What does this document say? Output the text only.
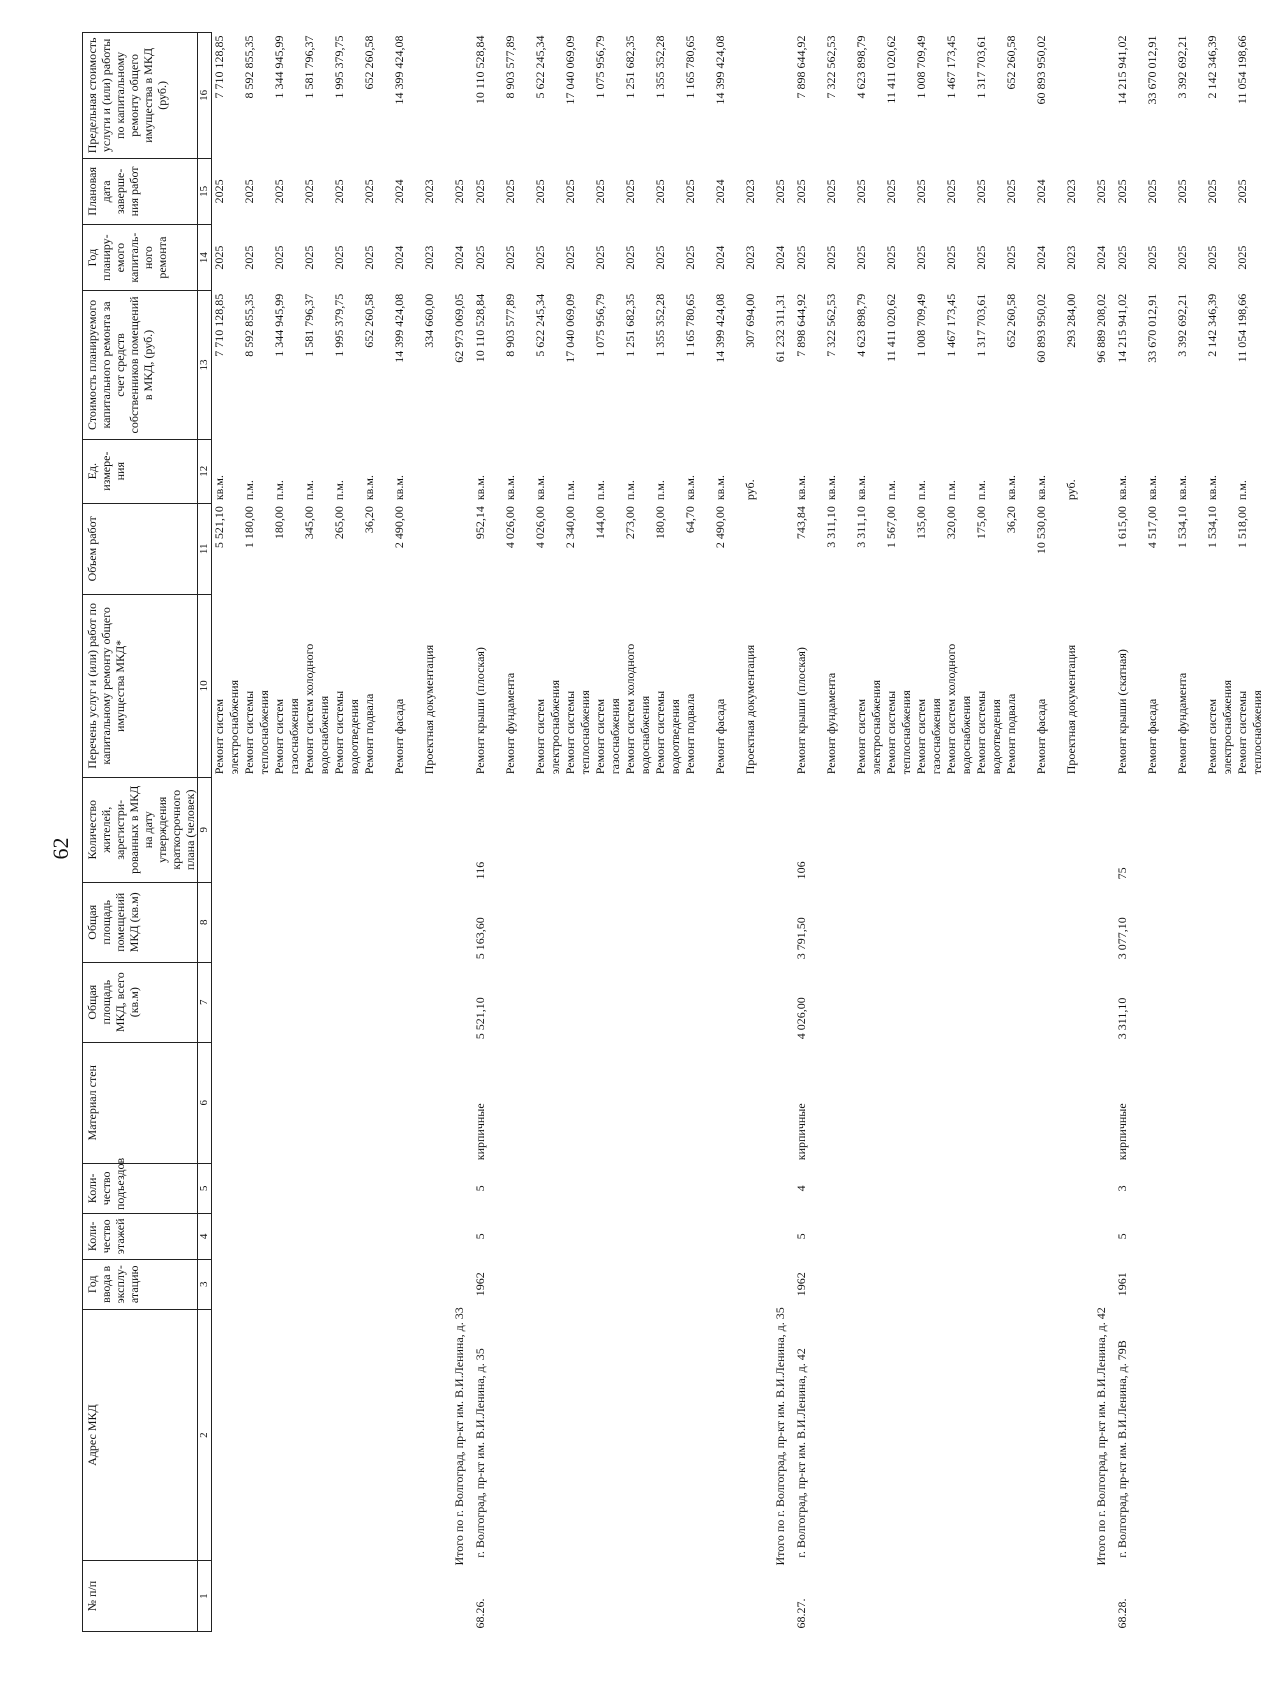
62
№ п/п	Адрес МКД	Год ввода в эксплу-атацию	Коли-чество этажей	Коли-чество подъездов	Материал стен	Общая площадь МКД, всего (кв.м)	Общая площадь помещений МКД (кв.м)	Количество жителей, зарегистри-рованных в МКД на дату утверждения краткосрочного плана (человек)	Перечень услуг и (или) работ по капитальному ремонту общего имущества МКД*	Объем работ	Ед. измере-ния	Стоимость планируемого капитального ремонта за счет средств собственников помещений в МКД, (руб.)	Год планиру-емого капиталь-ного ремонта	Плановая дата заверше-ния работ	Предельная стоимость услуги и (или) работы по капитальному ремонту общего имущества в МКД (руб.)
1	2	3	4	5	6	7	8	9	10	11	12	13	14	15	16

									Ремонт систем электроснабжения	5 521,10	кв.м.	7 710 128,85	2025	2025	7 710 128,85

									Ремонт системы теплоснабжения	1 180,00	п.м.	8 592 855,35	2025	2025	8 592 855,35

									Ремонт систем газоснабжения	180,00	п.м.	1 344 945,99	2025	2025	1 344 945,99

									Ремонт систем холодного водоснабжения	345,00	п.м.	1 581 796,37	2025	2025	1 581 796,37

									Ремонт системы водоотведения	265,00	п.м.	1 995 379,75	2025	2025	1 995 379,75

									Ремонт подвала	36,20	кв.м.	652 260,58	2025	2025	652 260,58

									Ремонт фасада	2 490,00	кв.м.	14 399 424,08	2024	2024	14 399 424,08

									Проектная документация			334 660,00	2023	2023	
Итого по г. Волгоград, пр-кт им. В.И.Ленина, д. 33												62 973 069,05	2024	2025	

68.26.	г. Волгоград, пр-кт им. В.И.Ленина, д. 35	1962	5	5	кирпичные	5 521,10	5 163,60	116	Ремонт крыши (плоская)	952,14	кв.м.	10 110 528,84	2025	2025	10 110 528,84

									Ремонт фундамента	4 026,00	кв.м.	8 903 577,89	2025	2025	8 903 577,89

									Ремонт систем электроснабжения	4 026,00	кв.м.	5 622 245,34	2025	2025	5 622 245,34

									Ремонт системы теплоснабжения	2 340,00	п.м.	17 040 069,09	2025	2025	17 040 069,09

									Ремонт систем газоснабжения	144,00	п.м.	1 075 956,79	2025	2025	1 075 956,79

									Ремонт систем холодного водоснабжения	273,00	п.м.	1 251 682,35	2025	2025	1 251 682,35

									Ремонт системы водоотведения	180,00	п.м.	1 355 352,28	2025	2025	1 355 352,28

									Ремонт подвала	64,70	кв.м.	1 165 780,65	2025	2025	1 165 780,65

									Ремонт фасада	2 490,00	кв.м.	14 399 424,08	2024	2024	14 399 424,08

									Проектная документация		руб.	307 694,00	2023	2023	
Итого по г. Волгоград, пр-кт им. В.И.Ленина, д. 35												61 232 311,31	2024	2025	

68.27.	г. Волгоград, пр-кт им. В.И.Ленина, д. 42	1962	5	4	кирпичные	4 026,00	3 791,50	106	Ремонт крыши (плоская)	743,84	кв.м.	7 898 644,92	2025	2025	7 898 644,92

									Ремонт фундамента	3 311,10	кв.м.	7 322 562,53	2025	2025	7 322 562,53

									Ремонт систем электроснабжения	3 311,10	кв.м.	4 623 898,79	2025	2025	4 623 898,79

									Ремонт системы теплоснабжения	1 567,00	п.м.	11 411 020,62	2025	2025	11 411 020,62

									Ремонт систем газоснабжения	135,00	п.м.	1 008 709,49	2025	2025	1 008 709,49

									Ремонт систем холодного водоснабжения	320,00	п.м.	1 467 173,45	2025	2025	1 467 173,45

									Ремонт системы водоотведения	175,00	п.м.	1 317 703,61	2025	2025	1 317 703,61

									Ремонт подвала	36,20	кв.м.	652 260,58	2025	2025	652 260,58

									Ремонт фасада	10 530,00	кв.м.	60 893 950,02	2024	2024	60 893 950,02

									Проектная документация		руб.	293 284,00	2023	2023	
Итого по г. Волгоград, пр-кт им. В.И.Ленина, д. 42												96 889 208,02	2024	2025	

68.28.	г. Волгоград, пр-кт им. В.И.Ленина, д. 79В	1961	5	3	кирпичные	3 311,10	3 077,10	75	Ремонт крыши (скатная)	1 615,00	кв.м.	14 215 941,02	2025	2025	14 215 941,02

									Ремонт фасада	4 517,00	кв.м.	33 670 012,91	2025	2025	33 670 012,91

									Ремонт фундамента	1 534,10	кв.м.	3 392 692,21	2025	2025	3 392 692,21

									Ремонт систем электроснабжения	1 534,10	кв.м.	2 142 346,39	2025	2025	2 142 346,39

									Ремонт системы теплоснабжения	1 518,00	п.м.	11 054 198,66	2025	2025	11 054 198,66
